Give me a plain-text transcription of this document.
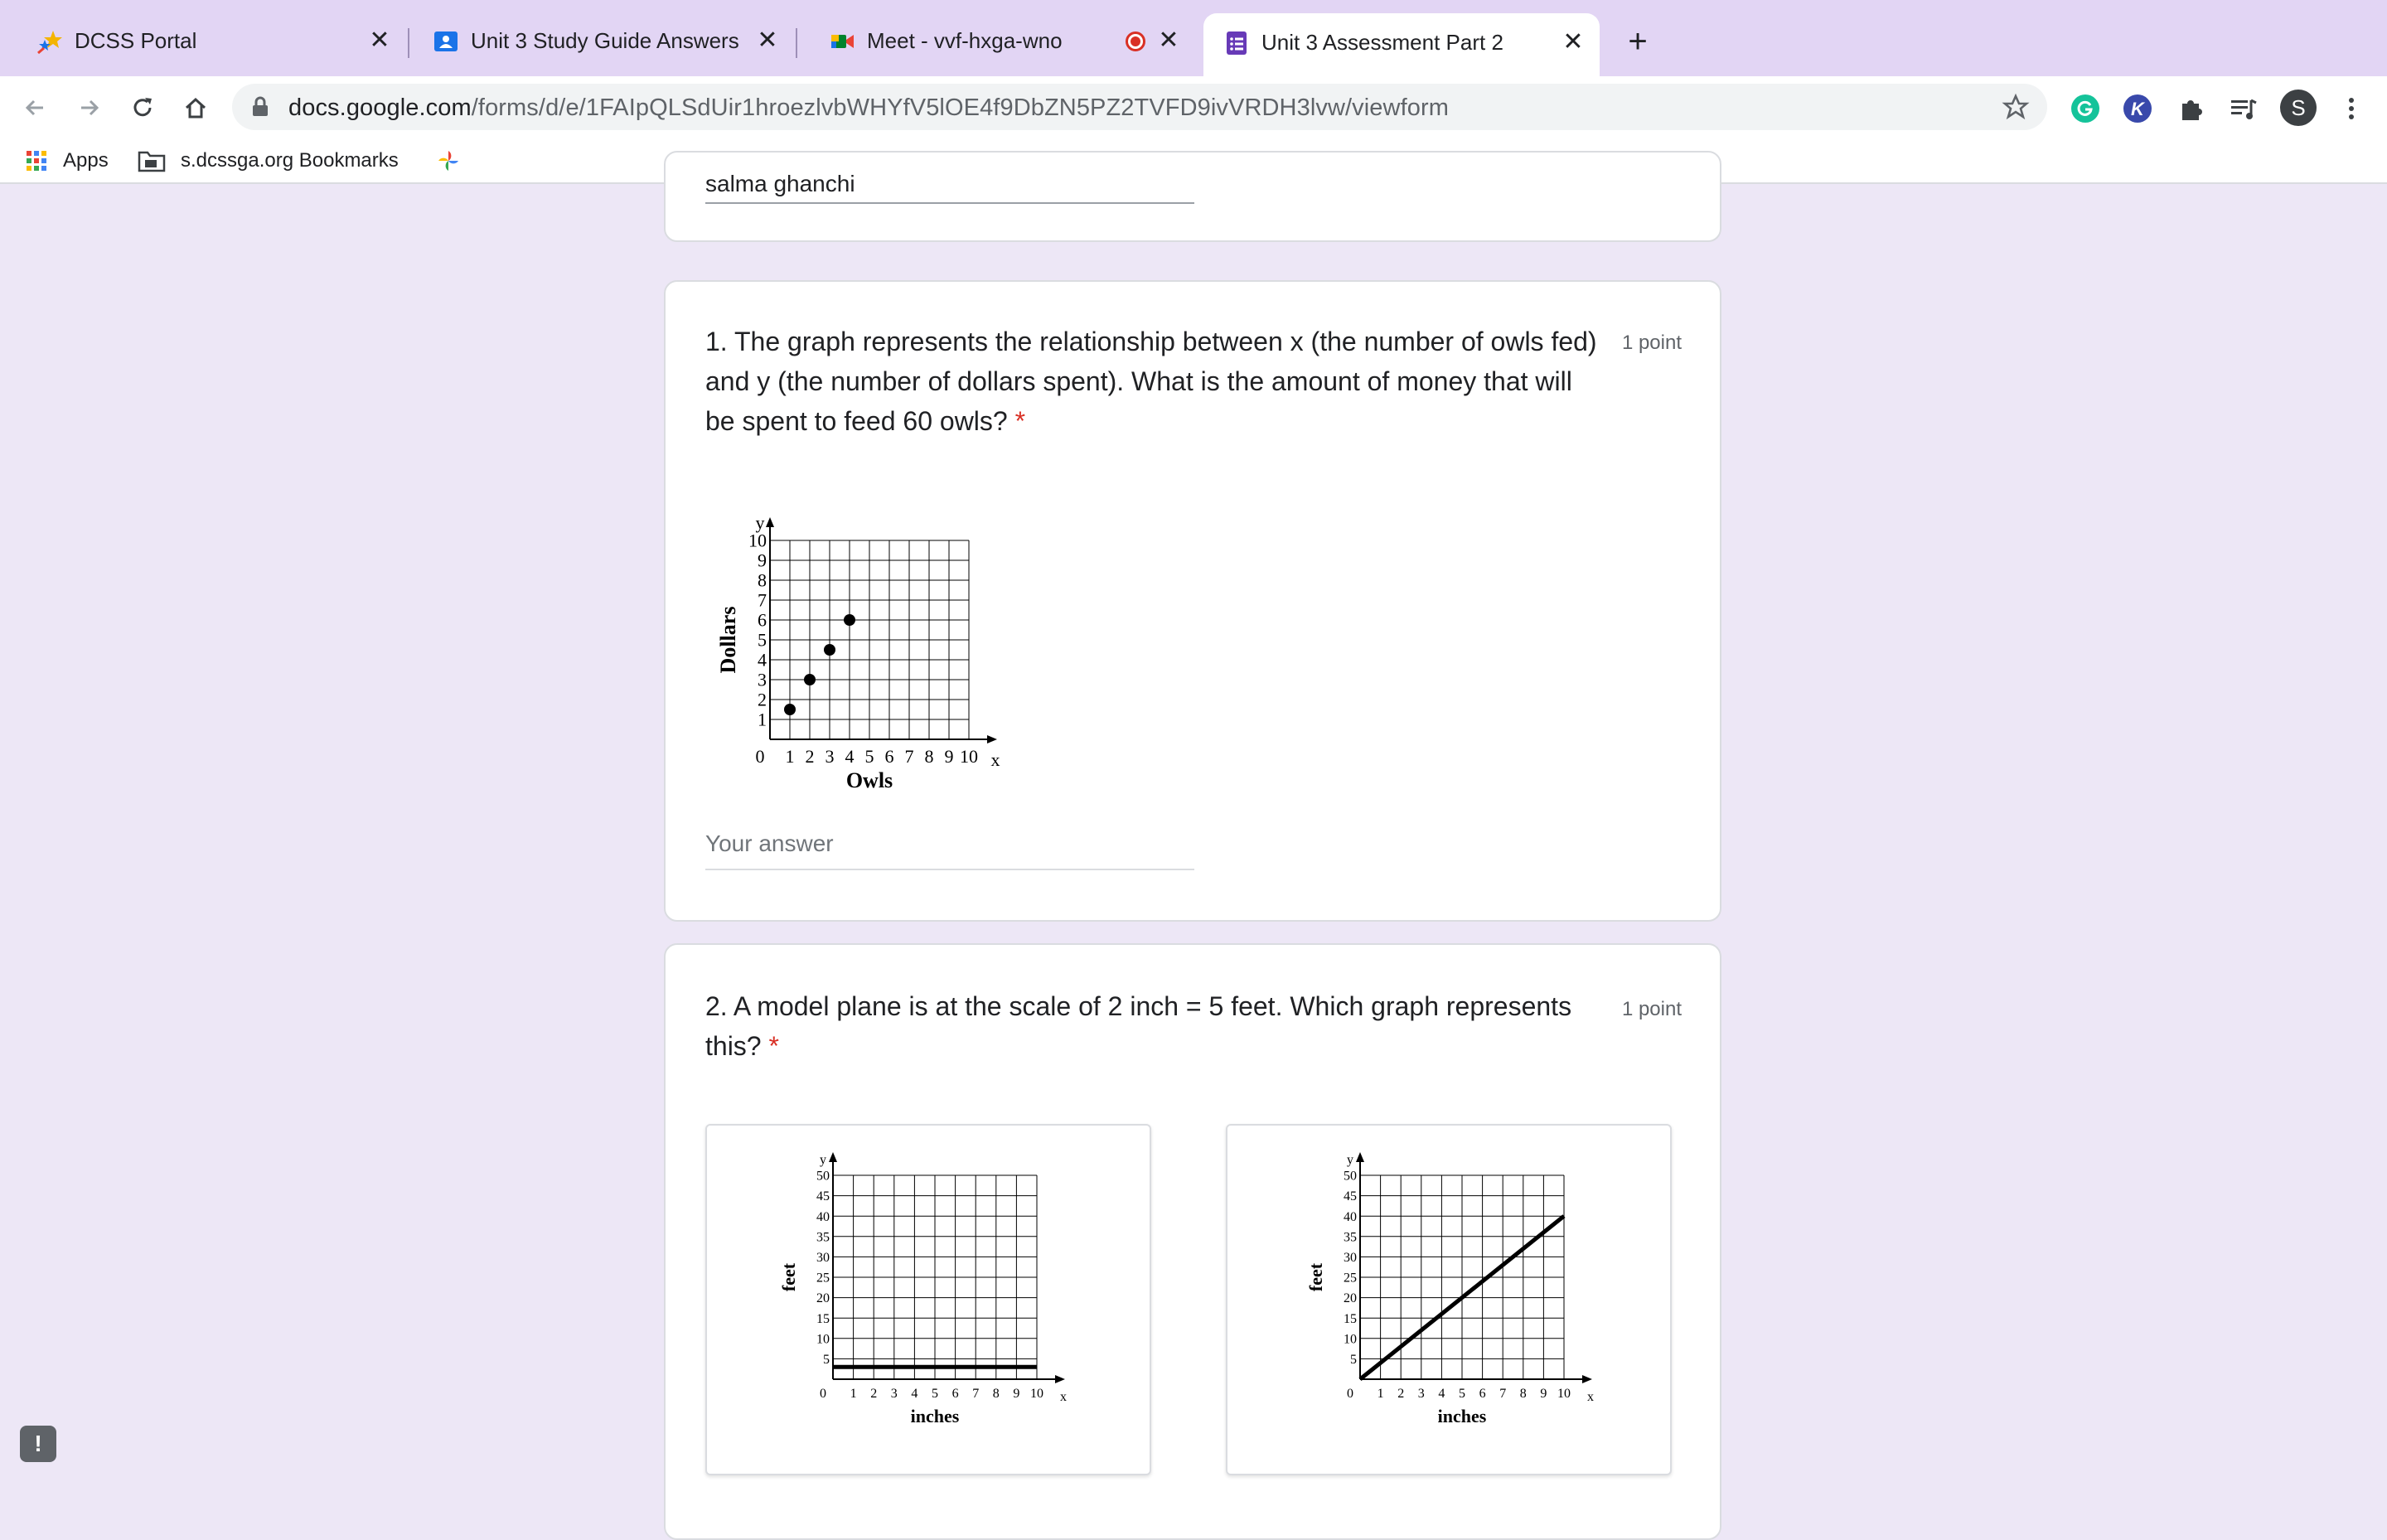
DCSS Portal	✕	Unit 3 Study Guide Answers ✕	Meet - vvf-hxga-wno	✕	Unit 3 Assessment Part 2 ✕	+
docs.google.com/forms/d/e/1FAIpQLSdUir1hroezlvbWHYfV5lOE4f9DbZN5PZ2TVFD9ivVRDH3lvw/viewform	K	S
Apps	s.dcssga.org Bookmarks
salma ghanchi
1. The graph represents the relationship between x (the number of owls fed) and y (the number of dollars spent). What is the amount of money that will be spent to feed 60 owls? *
1 point
1 2 3 4 5 6 7 8 9 10
1
2
3
4
5
6
7
8
9
10
0	x
y
Owls
Dollars
Your answer
2. A model plane is at the scale of 2 inch = 5 feet. Which graph represents this? *
1 point
1 2 3 4 5 6 7 8 9 10
5
10
15
20
25
30
35
40
45
50
0	x
y
inches
feet
1 2 3 4 5 6 7 8 9 10
5
10
15
20
25
30
35
40
45
50
0	x
y
inches
feet
!
